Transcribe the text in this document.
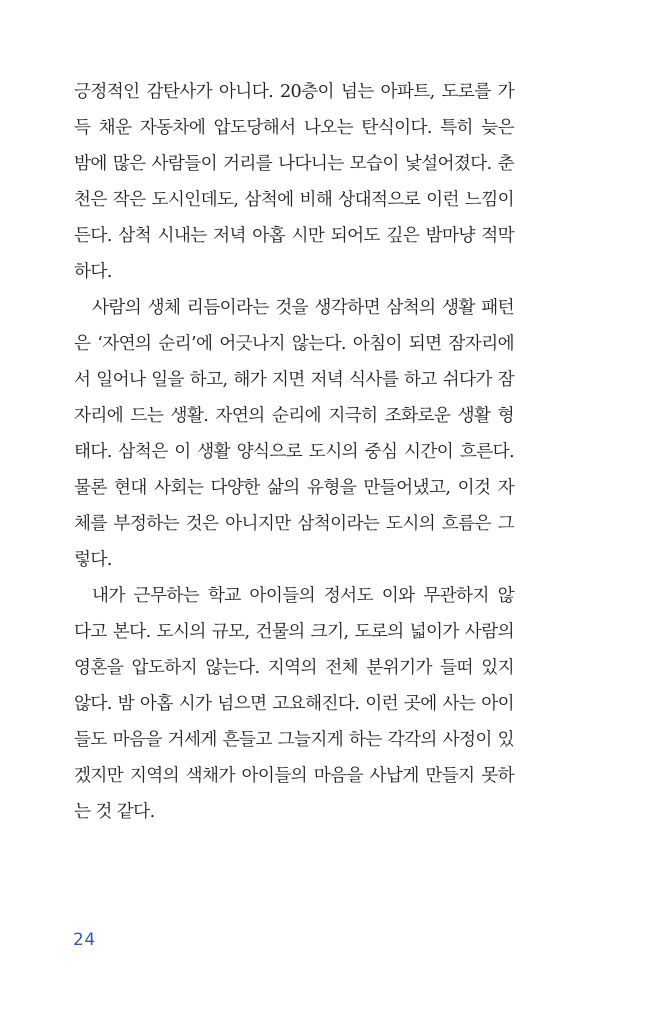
긍정적인 감탄사가 아니다. 20층이 넘는 아파트, 도로를 가
득 채운 자동차에 압도당해서 나오는 탄식이다. 특히 늦은
밤에 많은 사람들이 거리를 나다니는 모습이 낯설어졌다. 춘
천은 작은 도시인데도, 삼척에 비해 상대적으로 이런 느낌이
든다. 삼척 시내는 저녁 아홉 시만 되어도 깊은 밤마냥 적막
하다.
사람의 생체 리듬이라는 것을 생각하면 삼척의 생활 패턴
은 ‘자연의 순리’에 어긋나지 않는다. 아침이 되면 잠자리에
서 일어나 일을 하고, 해가 지면 저녁 식사를 하고 쉬다가 잠
자리에 드는 생활. 자연의 순리에 지극히 조화로운 생활 형
태다. 삼척은 이 생활 양식으로 도시의 중심 시간이 흐른다.
물론 현대 사회는 다양한 삶의 유형을 만들어냈고, 이것 자
체를 부정하는 것은 아니지만 삼척이라는 도시의 흐름은 그
렇다.
내가 근무하는 학교 아이들의 정서도 이와 무관하지 않
다고 본다. 도시의 규모, 건물의 크기, 도로의 넓이가 사람의
영혼을 압도하지 않는다. 지역의 전체 분위기가 들떠 있지
않다. 밤 아홉 시가 넘으면 고요해진다. 이런 곳에 사는 아이
들도 마음을 거세게 흔들고 그늘지게 하는 각각의 사정이 있
겠지만 지역의 색채가 아이들의 마음을 사납게 만들지 못하
는 것 같다.
24
